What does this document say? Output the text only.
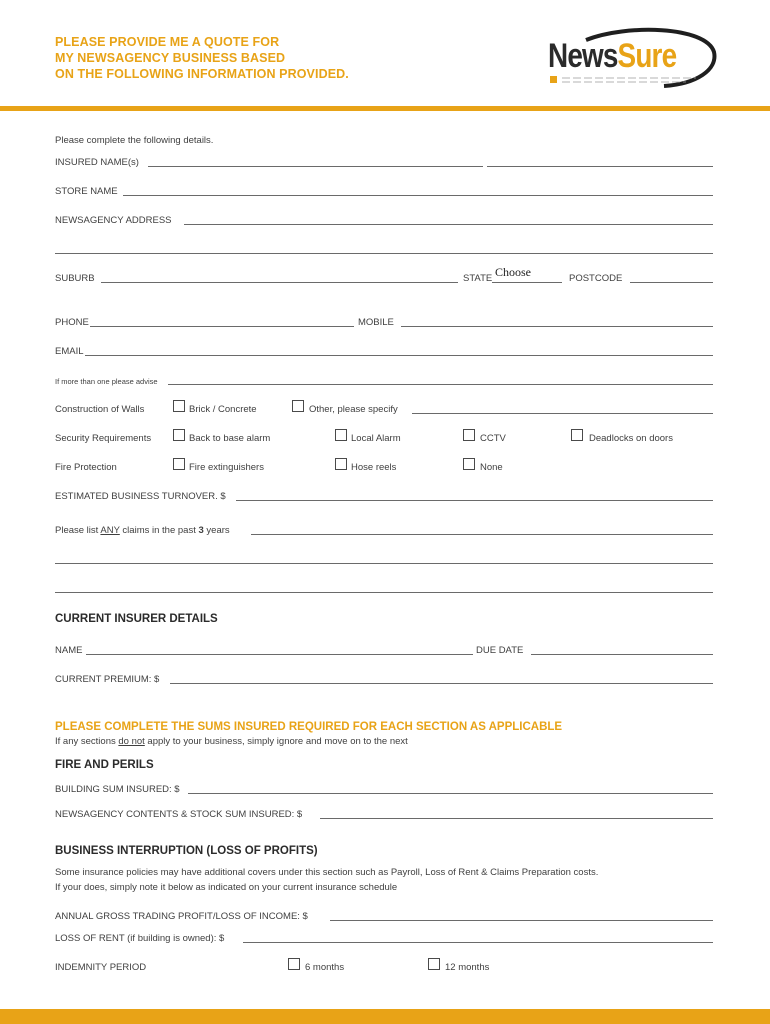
PLEASE PROVIDE ME A QUOTE FOR
MY NEWSAGENCY BUSINESS BASED
ON THE FOLLOWING INFORMATION PROVIDED.	NewsSure
Please complete the following details.
INSURED NAME(s)
STORE NAME
NEWSAGENCY ADDRESS
SUBURB	STATE Choose	POSTCODE
PHONE	MOBILE
EMAIL
If more than one please advise
Construction of Walls	Brick / Concrete	Other, please specify
Security Requirements	Back to base alarm	Local Alarm	CCTV	Deadlocks on doors
Fire Protection	Fire extinguishers	Hose reels	None
ESTIMATED BUSINESS TURNOVER. $
Please list ANY claims in the past 3 years
CURRENT INSURER DETAILS
NAME	DUE DATE
CURRENT PREMIUM: $
PLEASE COMPLETE THE SUMS INSURED REQUIRED FOR EACH SECTION AS APPLICABLE
If any sections do not apply to your business, simply ignore and move on to the next
FIRE AND PERILS
BUILDING SUM INSURED: $
NEWSAGENCY CONTENTS & STOCK SUM INSURED: $
BUSINESS INTERRUPTION (LOSS OF PROFITS)
Some insurance policies may have additional covers under this section such as Payroll, Loss of Rent & Claims Preparation costs.
If your does, simply note it below as indicated on your current insurance schedule
ANNUAL GROSS TRADING PROFIT/LOSS OF INCOME: $
LOSS OF RENT (if building is owned): $
INDEMNITY PERIOD	6 months	12 months
